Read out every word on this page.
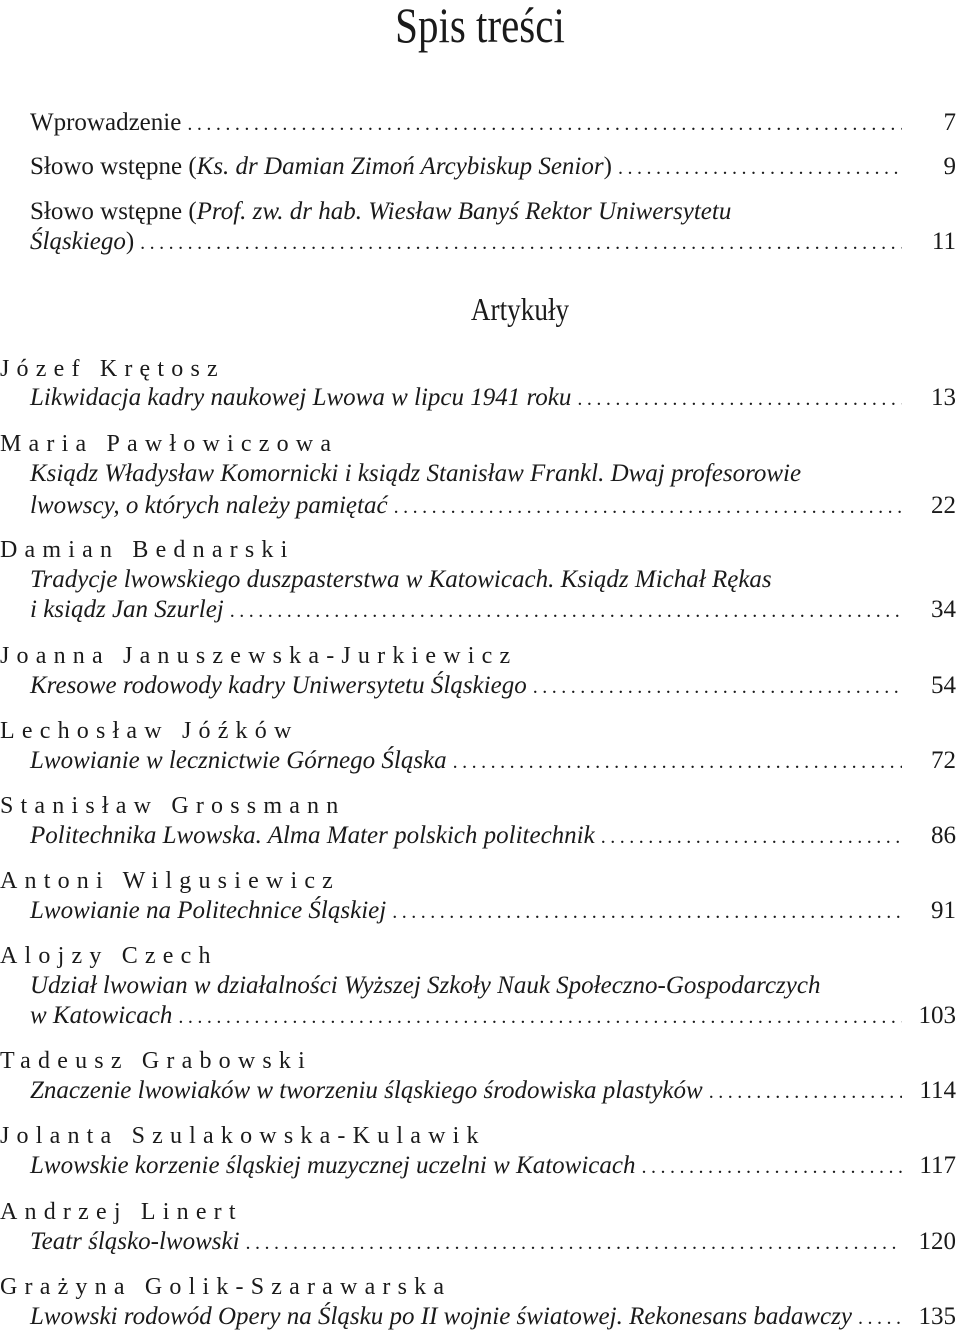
Spis treści
Wprowadzenie .....	7
Słowo wstępne (Ks. dr Damian Zimoń Arcybiskup Senior) .....	9
Słowo wstępne (Prof. zw. dr hab. Wiesław Banyś Rektor Uniwersytetu
Śląskiego) .....	11
Artykuły
Józef Krętosz
Likwidacja kadry naukowej Lwowa w lipcu 1941 roku .....	13
Maria Pawłowiczowa
Ksiądz Władysław Komornicki i ksiądz Stanisław Frankl. Dwaj profesorowie
lwowscy, o których należy pamiętać .....	22
Damian Bednarski
Tradycje lwowskiego duszpasterstwa w Katowicach. Ksiądz Michał Rękas
i ksiądz Jan Szurlej .....	34
Joanna Januszewska-Jurkiewicz
Kresowe rodowody kadry Uniwersytetu Śląskiego .....	54
Lechosław Jóźków
Lwowianie w lecznictwie Górnego Śląska .....	72
Stanisław Grossmann
Politechnika Lwowska. Alma Mater polskich politechnik .....	86
Antoni Wilgusiewicz
Lwowianie na Politechnice Śląskiej .....	91
Alojzy Czech
Udział lwowian w działalności Wyższej Szkoły Nauk Społeczno-Gospodarczych
w Katowicach .....	103
Tadeusz Grabowski
Znaczenie lwowiaków w tworzeniu śląskiego środowiska plastyków .....	114
Jolanta Szulakowska-Kulawik
Lwowskie korzenie śląskiej muzycznej uczelni w Katowicach .....	117
Andrzej Linert
Teatr śląsko-lwowski .....	120
Grażyna Golik-Szarawarska
Lwowski rodowód Opery na Śląsku po II wojnie światowej. Rekonesans badawczy .....	135
